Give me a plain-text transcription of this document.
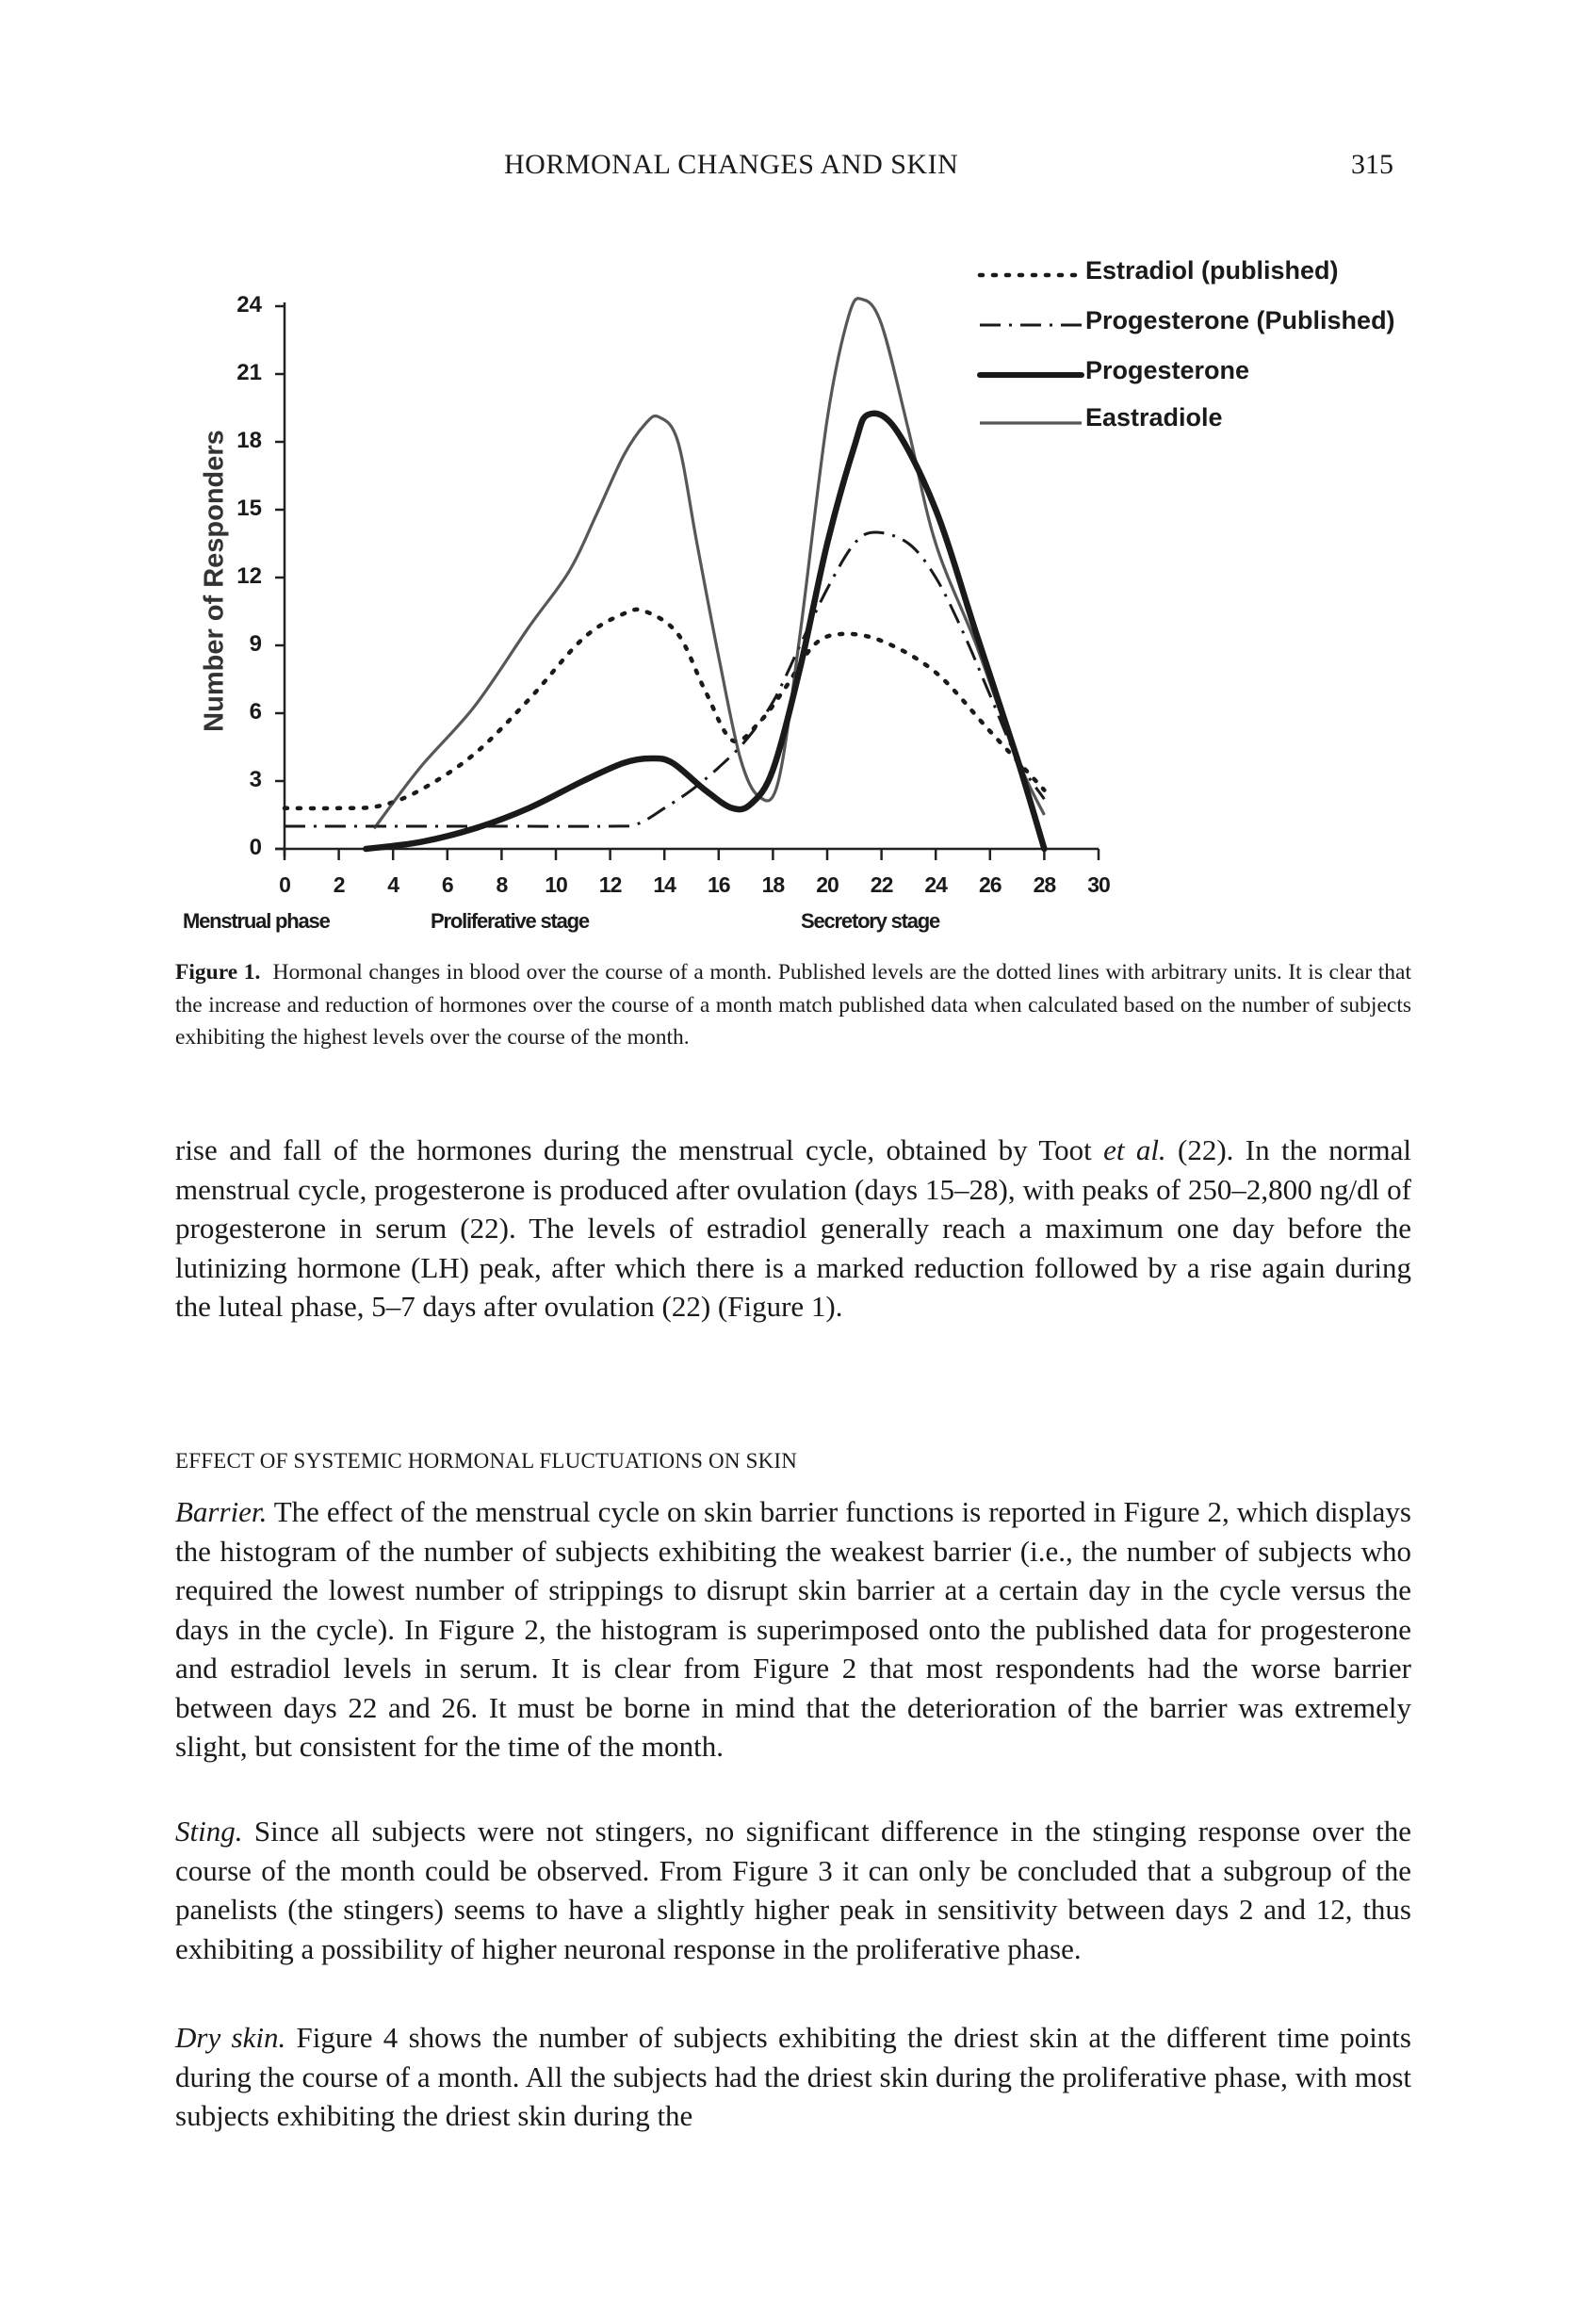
HORMONAL CHANGES AND SKIN	315
Number of Responders
24
21
18
15
12
9
6
3
0
0	2	4	6	8	10	12	14	16	18	20	22	24	26	28	30
Menstrual phase	Proliferative stage	Secretory stage
Estradiol (published)
Progesterone (Published)
Progesterone
Eastradiole
Figure 1. Hormonal changes in blood over the course of a month. Published levels are the dotted lines with arbitrary units. It is clear that the increase and reduction of hormones over the course of a month match published data when calculated based on the number of subjects exhibiting the highest levels over the course of the month.
rise and fall of the hormones during the menstrual cycle, obtained by Toot et al. (22). In the normal menstrual cycle, progesterone is produced after ovulation (days 15–28), with peaks of 250–2,800 ng/dl of progesterone in serum (22). The levels of estradiol generally reach a maximum one day before the lutinizing hormone (LH) peak, after which there is a marked reduction followed by a rise again during the luteal phase, 5–7 days after ovulation (22) (Figure 1).
EFFECT OF SYSTEMIC HORMONAL FLUCTUATIONS ON SKIN
Barrier. The effect of the menstrual cycle on skin barrier functions is reported in Figure 2, which displays the histogram of the number of subjects exhibiting the weakest barrier (i.e., the number of subjects who required the lowest number of strippings to disrupt skin barrier at a certain day in the cycle versus the days in the cycle). In Figure 2, the histogram is superimposed onto the published data for progesterone and estradiol levels in serum. It is clear from Figure 2 that most respondents had the worse barrier between days 22 and 26. It must be borne in mind that the deterioration of the barrier was extremely slight, but consistent for the time of the month.
Sting. Since all subjects were not stingers, no significant difference in the stinging response over the course of the month could be observed. From Figure 3 it can only be concluded that a subgroup of the panelists (the stingers) seems to have a slightly higher peak in sensitivity between days 2 and 12, thus exhibiting a possibility of higher neuronal response in the proliferative phase.
Dry skin. Figure 4 shows the number of subjects exhibiting the driest skin at the different time points during the course of a month. All the subjects had the driest skin during the proliferative phase, with most subjects exhibiting the driest skin during the
